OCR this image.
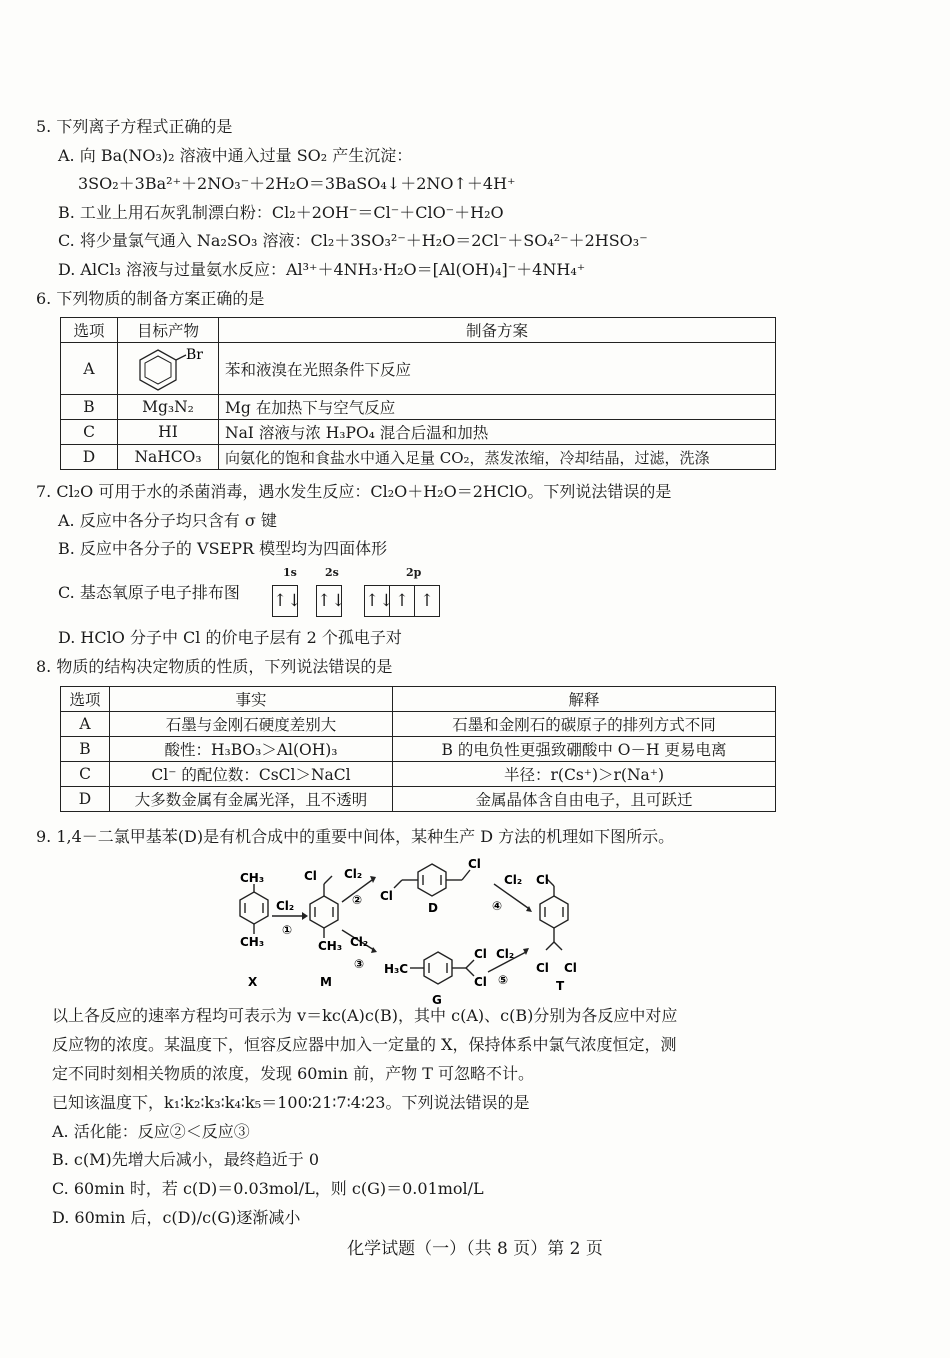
5. 下列离子方程式正确的是
A. 向 Ba(NO₃)₂ 溶液中通入过量 SO₂ 产生沉淀：
3SO₂＋3Ba²⁺＋2NO₃⁻＋2H₂O＝3BaSO₄↓＋2NO↑＋4H⁺
B. 工业上用石灰乳制漂白粉：Cl₂＋2OH⁻＝Cl⁻＋ClO⁻＋H₂O
C. 将少量氯气通入 Na₂SO₃ 溶液：Cl₂＋3SO₃²⁻＋H₂O＝2Cl⁻＋SO₄²⁻＋2HSO₃⁻
D. AlCl₃ 溶液与过量氨水反应：Al³⁺＋4NH₃·H₂O＝[Al(OH)₄]⁻＋4NH₄⁺
6. 下列物质的制备方案正确的是
选项	目标产物	制备方案
A	Br	苯和液溴在光照条件下反应
B	Mg₃N₂	Mg 在加热下与空气反应
C	HI	NaI 溶液与浓 H₃PO₄ 混合后温和加热
D	NaHCO₃	向氨化的饱和食盐水中通入足量 CO₂，蒸发浓缩，冷却结晶，过滤，洗涤
7. Cl₂O 可用于水的杀菌消毒，遇水发生反应：Cl₂O＋H₂O＝2HClO。下列说法错误的是
A. 反应中各分子均只含有 σ 键
B. 反应中各分子的 VSEPR 模型均为四面体形
C. 基态氧原子电子排布图
1s	2s	2p
↑↓ ↑↓ ↑↓ ↑ ↑
D. HClO 分子中 Cl 的价电子层有 2 个孤电子对
8. 物质的结构决定物质的性质，下列说法错误的是
选项	事实	解释
A	石墨与金刚石硬度差别大	石墨和金刚石的碳原子的排列方式不同
B	酸性：H₃BO₃＞Al(OH)₃	B 的电负性更强致硼酸中 O－H 更易电离
C	Cl⁻ 的配位数：CsCl＞NaCl	半径：r(Cs⁺)＞r(Na⁺)
D	大多数金属有金属光泽，且不透明	金属晶体含自由电子，且可跃迁
9. 1,4－二氯甲基苯(D)是有机合成中的重要中间体，某种生产 D 方法的机理如下图所示。
CH₃
CH₃
X
Cl₂
①
Cl
CH₃
M
Cl₂
②
Cl₂
③
Cl
Cl
D
H₃C
Cl Cl₂
Cl
G
⑤
Cl₂
④
Cl
Cl Cl
T
以上各反应的速率方程均可表示为 v＝kc(A)c(B)，其中 c(A)、c(B)分别为各反应中对应
反应物的浓度。某温度下，恒容反应器中加入一定量的 X，保持体系中氯气浓度恒定，测
定不同时刻相关物质的浓度，发现 60min 前，产物 T 可忽略不计。
已知该温度下，k₁∶k₂∶k₃∶k₄∶k₅＝100∶21∶7∶4∶23。下列说法错误的是
A. 活化能：反应②＜反应③
B. c(M)先增大后减小，最终趋近于 0
C. 60min 时，若 c(D)＝0.03mol/L，则 c(G)＝0.01mol/L
D. 60min 后，c(D)/c(G)逐渐减小
化学试题（一）（共 8 页）第 2 页
